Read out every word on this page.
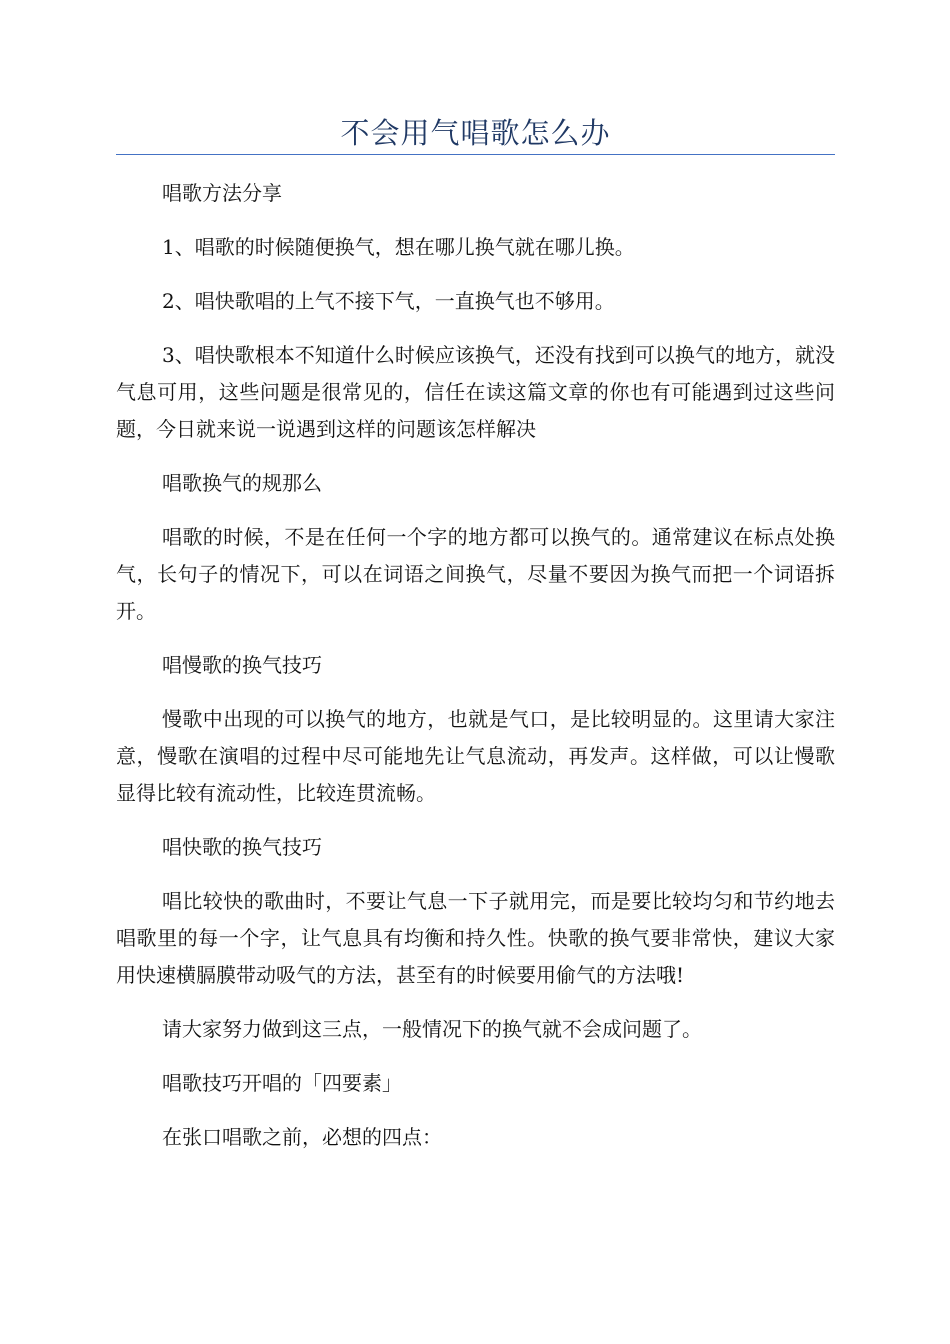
不会用气唱歌怎么办

唱歌方法分享

1、唱歌的时候随便换气，想在哪儿换气就在哪儿换。

2、唱快歌唱的上气不接下气，一直换气也不够用。

3、唱快歌根本不知道什么时候应该换气，还没有找到可以换气的地方，就没气息可用，这些问题是很常见的，信任在读这篇文章的你也有可能遇到过这些问题，今日就来说一说遇到这样的问题该怎样解决

唱歌换气的规那么

唱歌的时候，不是在任何一个字的地方都可以换气的。通常建议在标点处换气，长句子的情况下，可以在词语之间换气，尽量不要因为换气而把一个词语拆开。

唱慢歌的换气技巧

慢歌中出现的可以换气的地方，也就是气口，是比较明显的。这里请大家注意，慢歌在演唱的过程中尽可能地先让气息流动，再发声。这样做，可以让慢歌显得比较有流动性，比较连贯流畅。

唱快歌的换气技巧

唱比较快的歌曲时，不要让气息一下子就用完，而是要比较均匀和节约地去唱歌里的每一个字，让气息具有均衡和持久性。快歌的换气要非常快，建议大家用快速横膈膜带动吸气的方法，甚至有的时候要用偷气的方法哦!

请大家努力做到这三点，一般情况下的换气就不会成问题了。

唱歌技巧开唱的「四要素」

在张口唱歌之前，必想的四点：
